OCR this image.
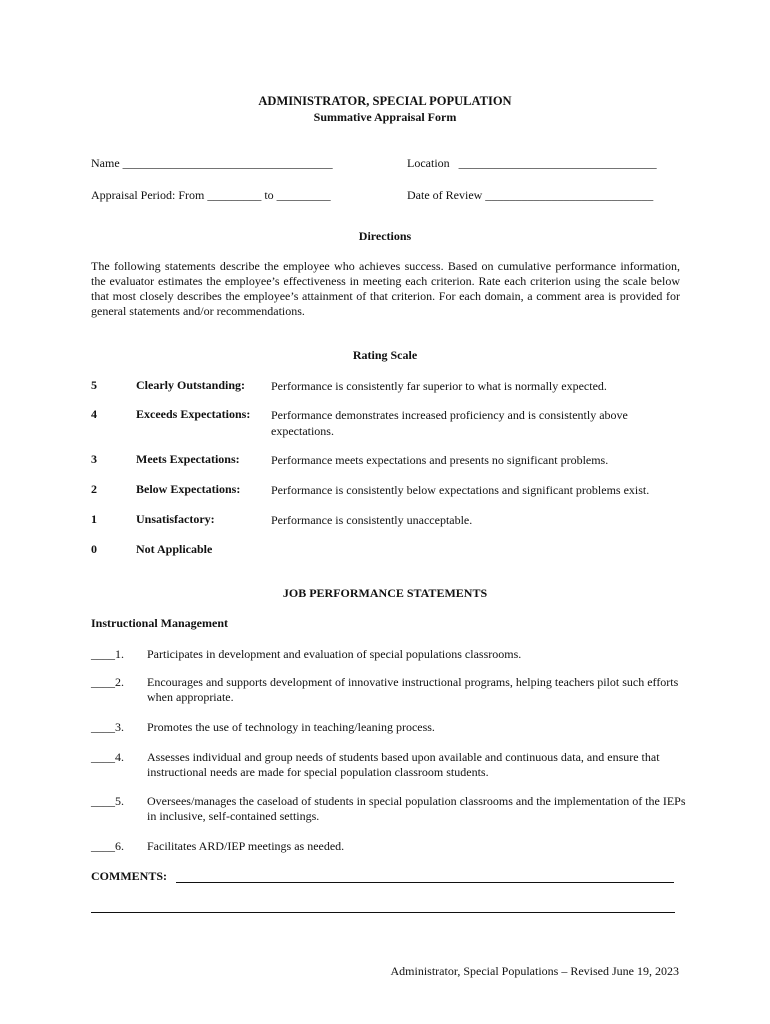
ADMINISTRATOR, SPECIAL POPULATION
Summative Appraisal Form
Name ___________________________________	Location   _________________________________
Appraisal Period: From _________ to _________	Date of Review ____________________________
Directions
The following statements describe the employee who achieves success. Based on cumulative performance information, the evaluator estimates the employee’s effectiveness in meeting each criterion. Rate each criterion using the scale below that most closely describes the employee’s attainment of that criterion. For each domain, a comment area is provided for general statements and/or recommendations.
Rating Scale
5	Clearly Outstanding: Performance is consistently far superior to what is normally expected.
4	Exceeds Expectations: Performance demonstrates increased proficiency and is consistently above expectations.
3	Meets Expectations:	Performance meets expectations and presents no significant problems.
2	Below Expectations:	Performance is consistently below expectations and significant problems exist.
1	Unsatisfactory:	Performance is consistently unacceptable.
0	Not Applicable
JOB PERFORMANCE STATEMENTS
Instructional Management
____1. Participates in development and evaluation of special populations classrooms.
____2. Encourages and supports development of innovative instructional programs, helping teachers pilot such efforts when appropriate.
____3. Promotes the use of technology in teaching/leaning process.
____4. Assesses individual and group needs of students based upon available and continuous data, and ensure that instructional needs are made for special population classroom students.
____5. Oversees/manages the caseload of students in special population classrooms and the implementation of the IEPs in inclusive, self-contained settings.
____6. Facilitates ARD/IEP meetings as needed.
COMMENTS:
Administrator, Special Populations – Revised June 19, 2023
